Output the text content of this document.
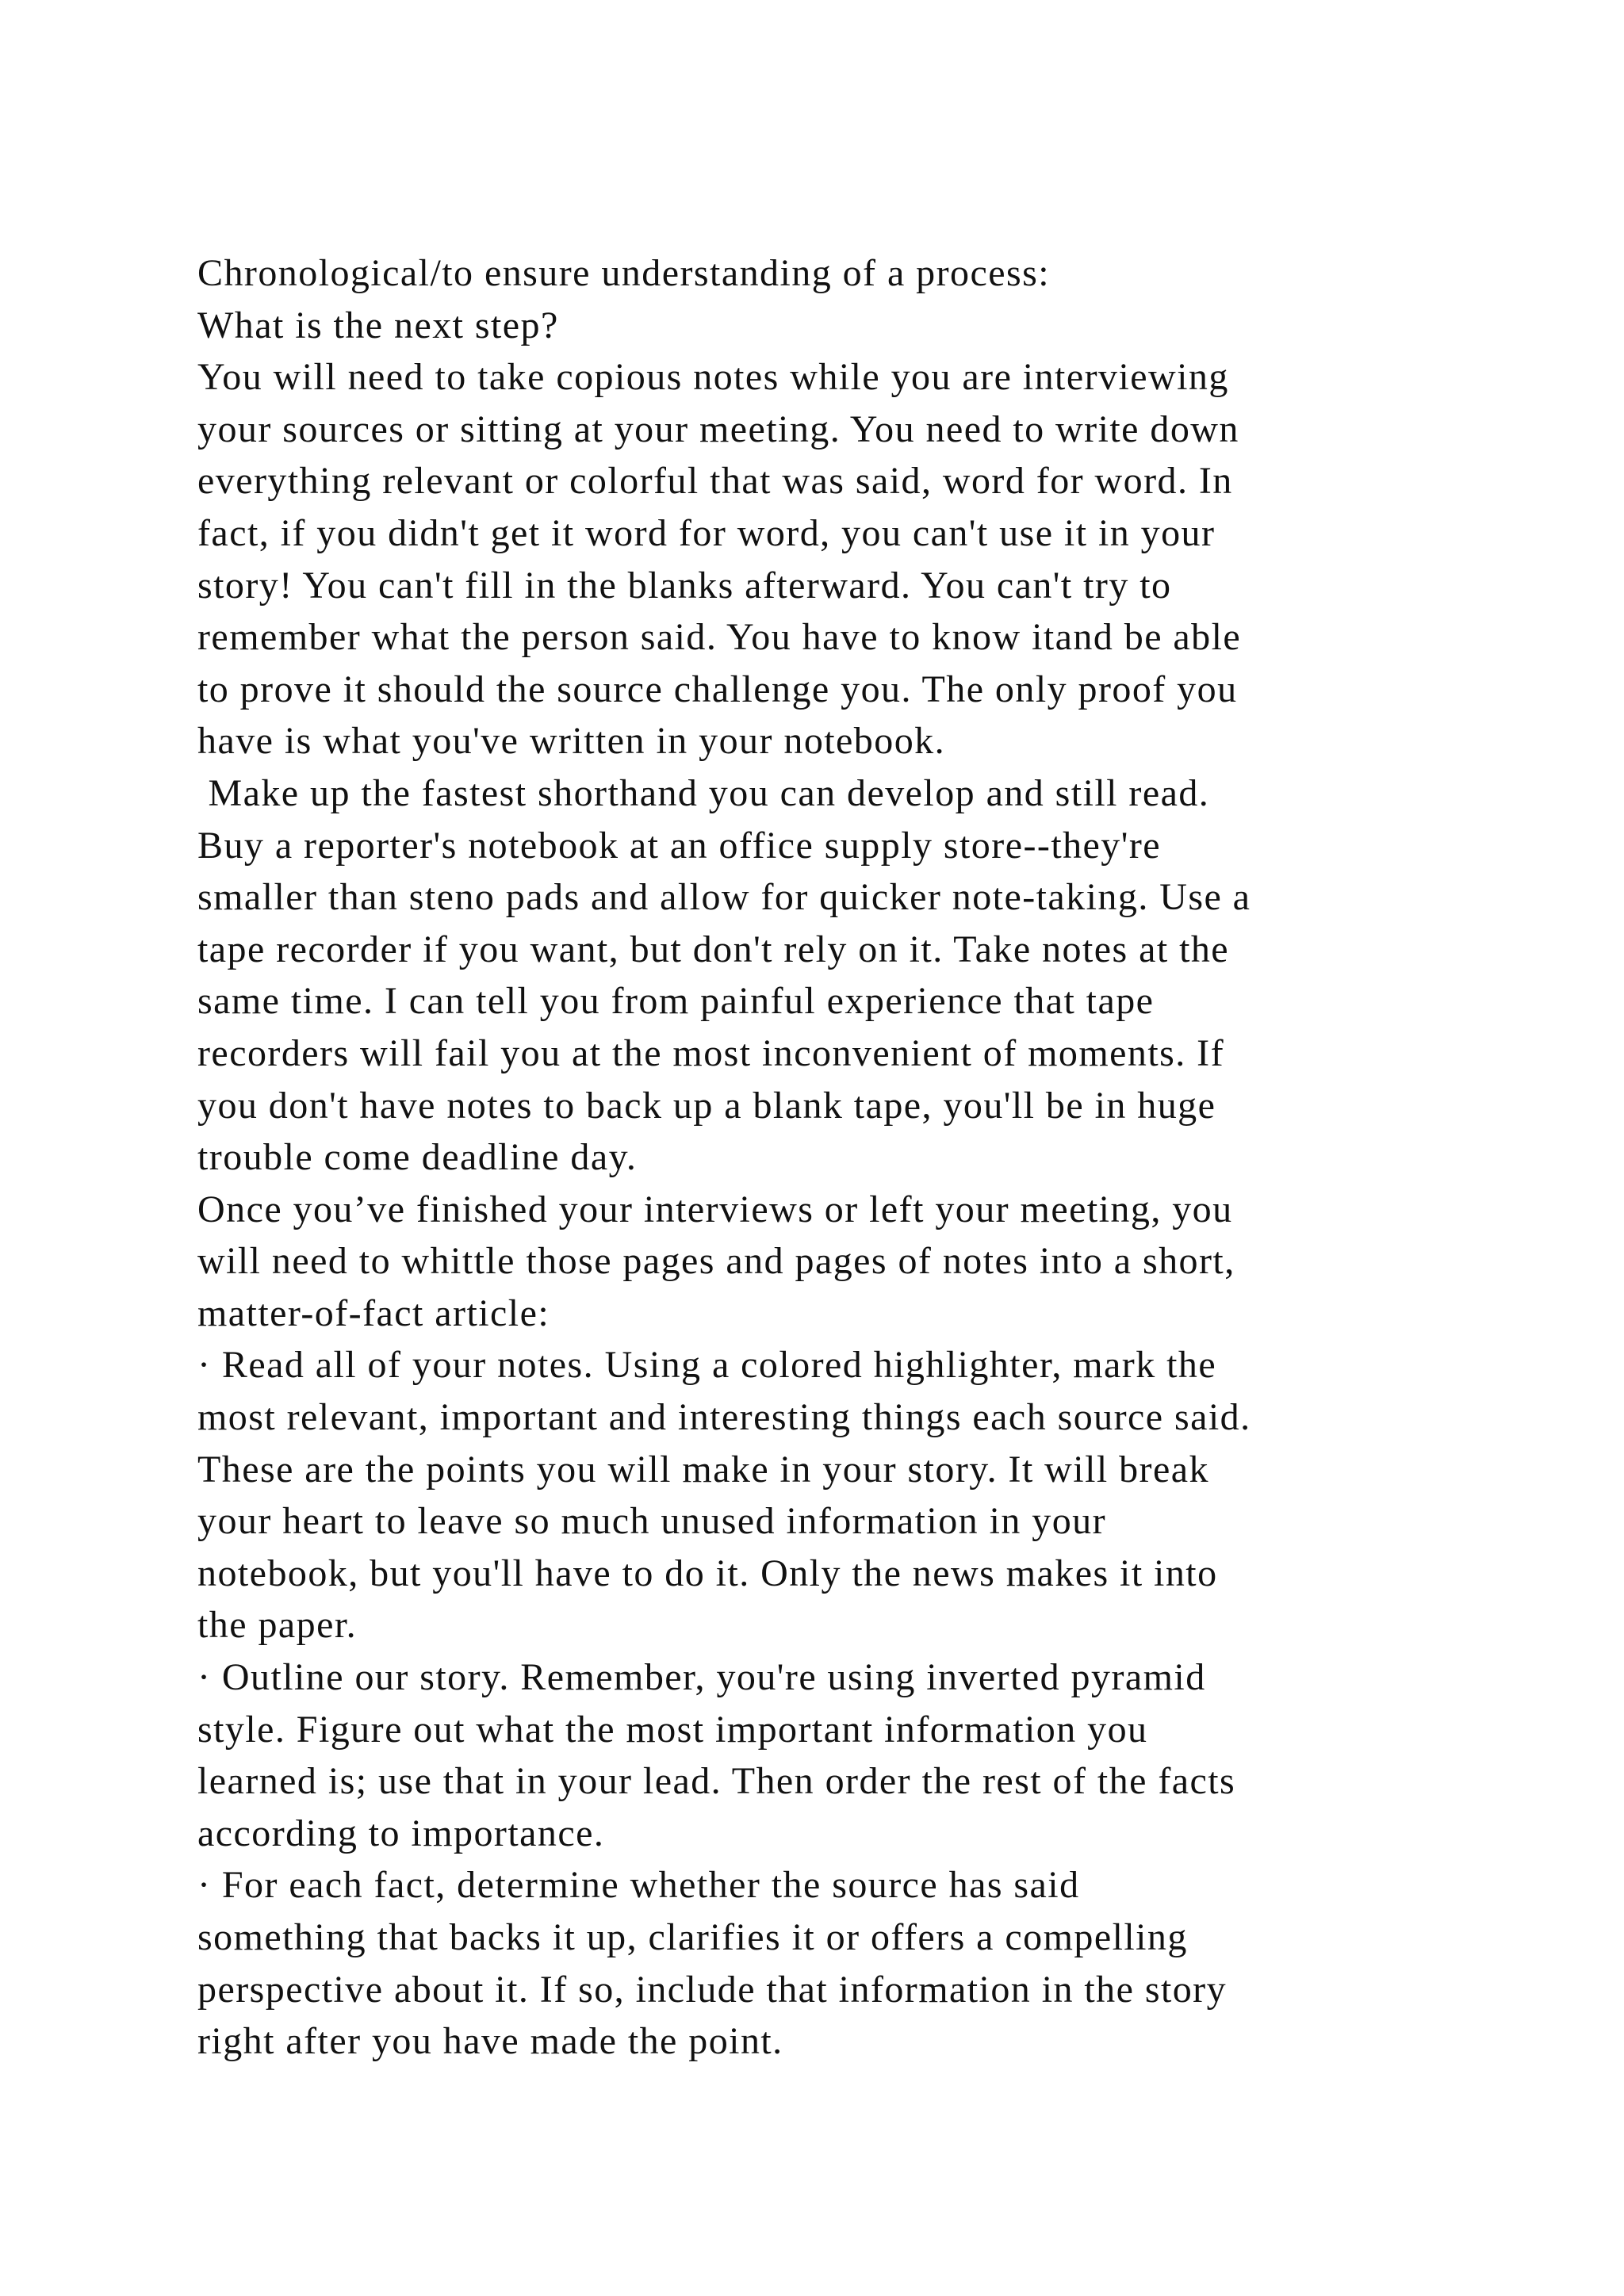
Chronological/to ensure understanding of a process:
What is the next step?
You will need to take copious notes while you are interviewing
your sources or sitting at your meeting. You need to write down
everything relevant or colorful that was said, word for word. In
fact, if you didn't get it word for word, you can't use it in your
story! You can't fill in the blanks afterward. You can't try to
remember what the person said. You have to know itand be able
to prove it should the source challenge you. The only proof you
have is what you've written in your notebook.
Make up the fastest shorthand you can develop and still read.
Buy a reporter's notebook at an office supply store--they're
smaller than steno pads and allow for quicker note-taking. Use a
tape recorder if you want, but don't rely on it. Take notes at the
same time. I can tell you from painful experience that tape
recorders will fail you at the most inconvenient of moments. If
you don't have notes to back up a blank tape, you'll be in huge
trouble come deadline day.
Once you’ve finished your interviews or left your meeting, you
will need to whittle those pages and pages of notes into a short,
matter-of-fact article:
· Read all of your notes. Using a colored highlighter, mark the
most relevant, important and interesting things each source said.
These are the points you will make in your story. It will break
your heart to leave so much unused information in your
notebook, but you'll have to do it. Only the news makes it into
the paper.
· Outline our story. Remember, you're using inverted pyramid
style. Figure out what the most important information you
learned is; use that in your lead. Then order the rest of the facts
according to importance.
· For each fact, determine whether the source has said
something that backs it up, clarifies it or offers a compelling
perspective about it. If so, include that information in the story
right after you have made the point.
